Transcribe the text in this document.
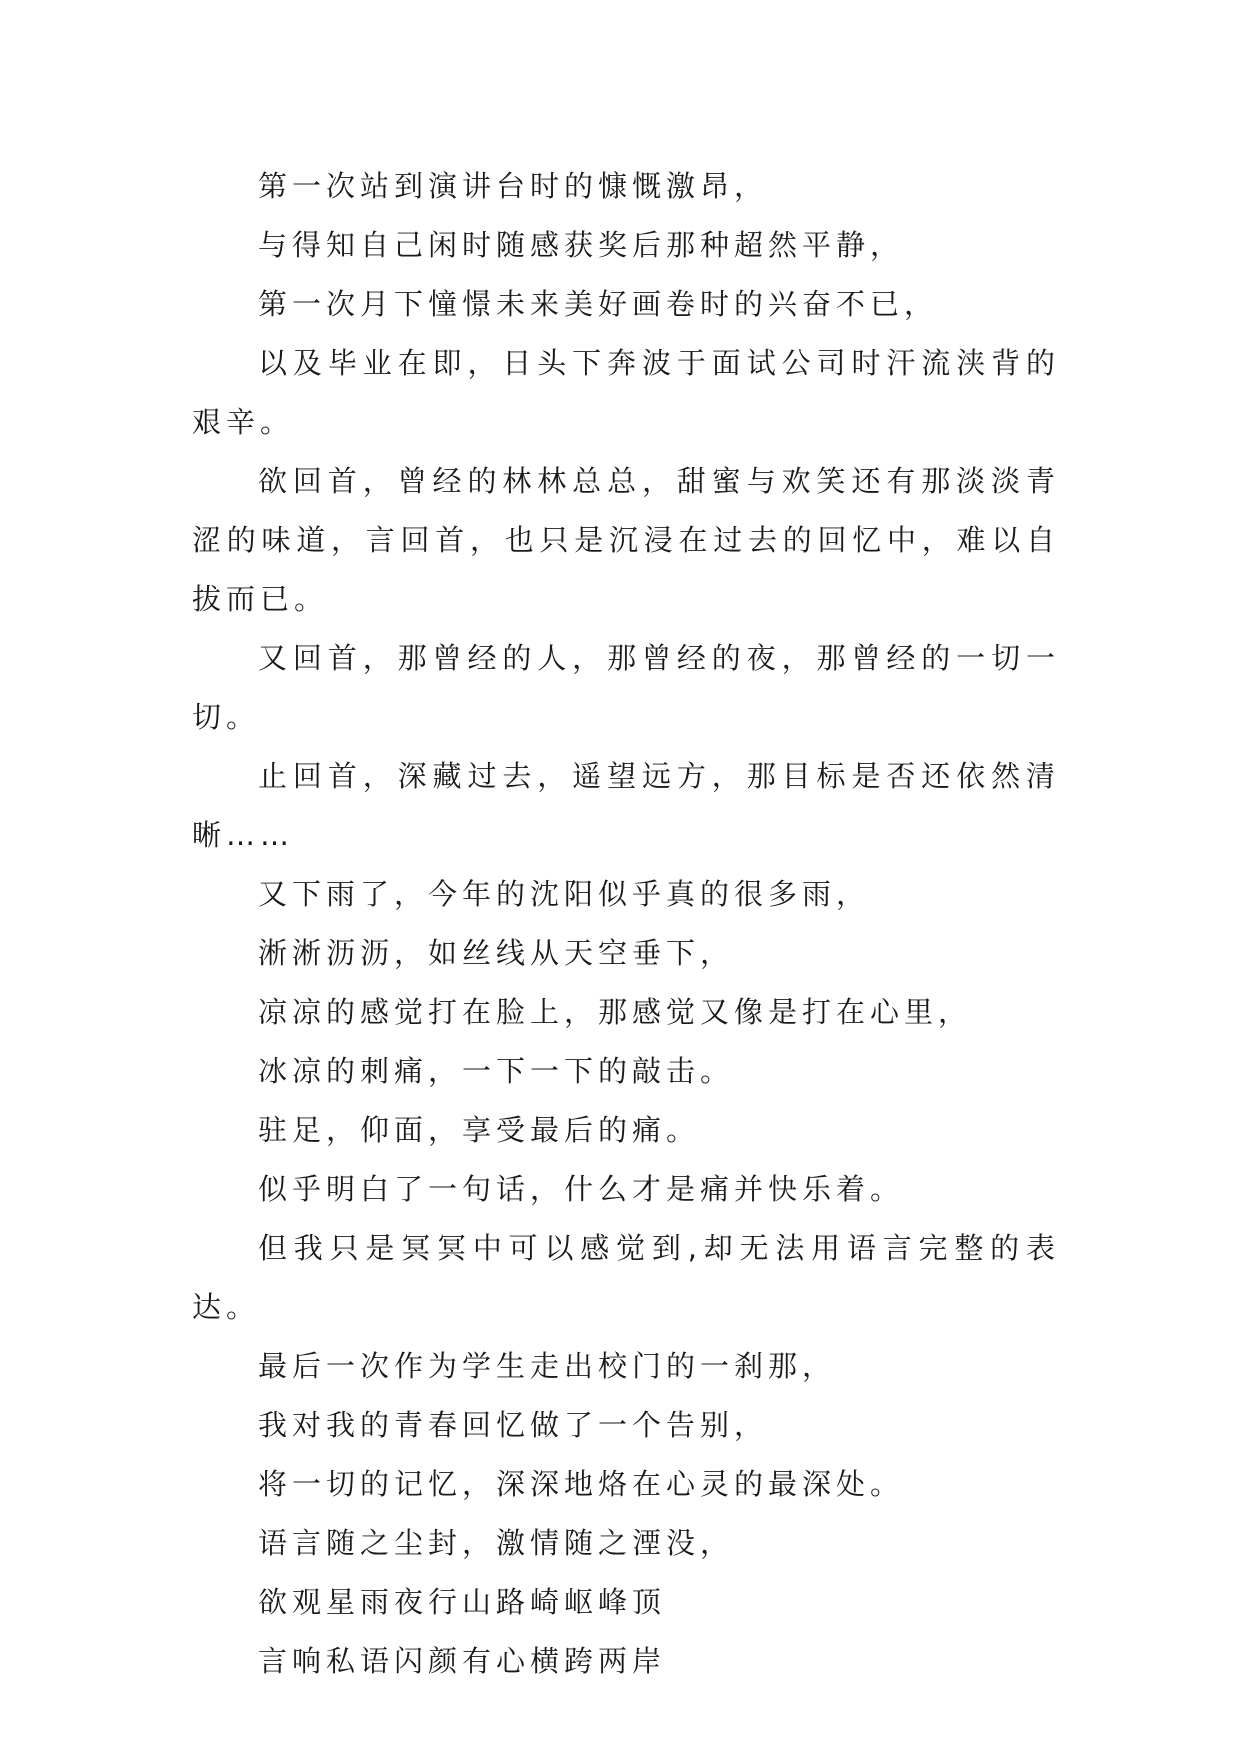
第一次站到演讲台时的慷慨激昂，

与得知自己闲时随感获奖后那种超然平静，

第一次月下憧憬未来美好画卷时的兴奋不已，

以及毕业在即，日头下奔波于面试公司时汗流浃背的艰辛。

欲回首，曾经的林林总总，甜蜜与欢笑还有那淡淡青涩的味道，言回首，也只是沉浸在过去的回忆中，难以自拔而已。

又回首，那曾经的人，那曾经的夜，那曾经的一切一切。

止回首，深藏过去，遥望远方，那目标是否还依然清晰……

又下雨了，今年的沈阳似乎真的很多雨，

淅淅沥沥，如丝线从天空垂下，

凉凉的感觉打在脸上，那感觉又像是打在心里，

冰凉的刺痛，一下一下的敲击。

驻足，仰面，享受最后的痛。

似乎明白了一句话，什么才是痛并快乐着。

但我只是冥冥中可以感觉到,却无法用语言完整的表达。

最后一次作为学生走出校门的一刹那，

我对我的青春回忆做了一个告别，

将一切的记忆，深深地烙在心灵的最深处。

语言随之尘封，激情随之湮没，

欲观星雨夜行山路崎岖峰顶

言响私语闪颜有心横跨两岸
